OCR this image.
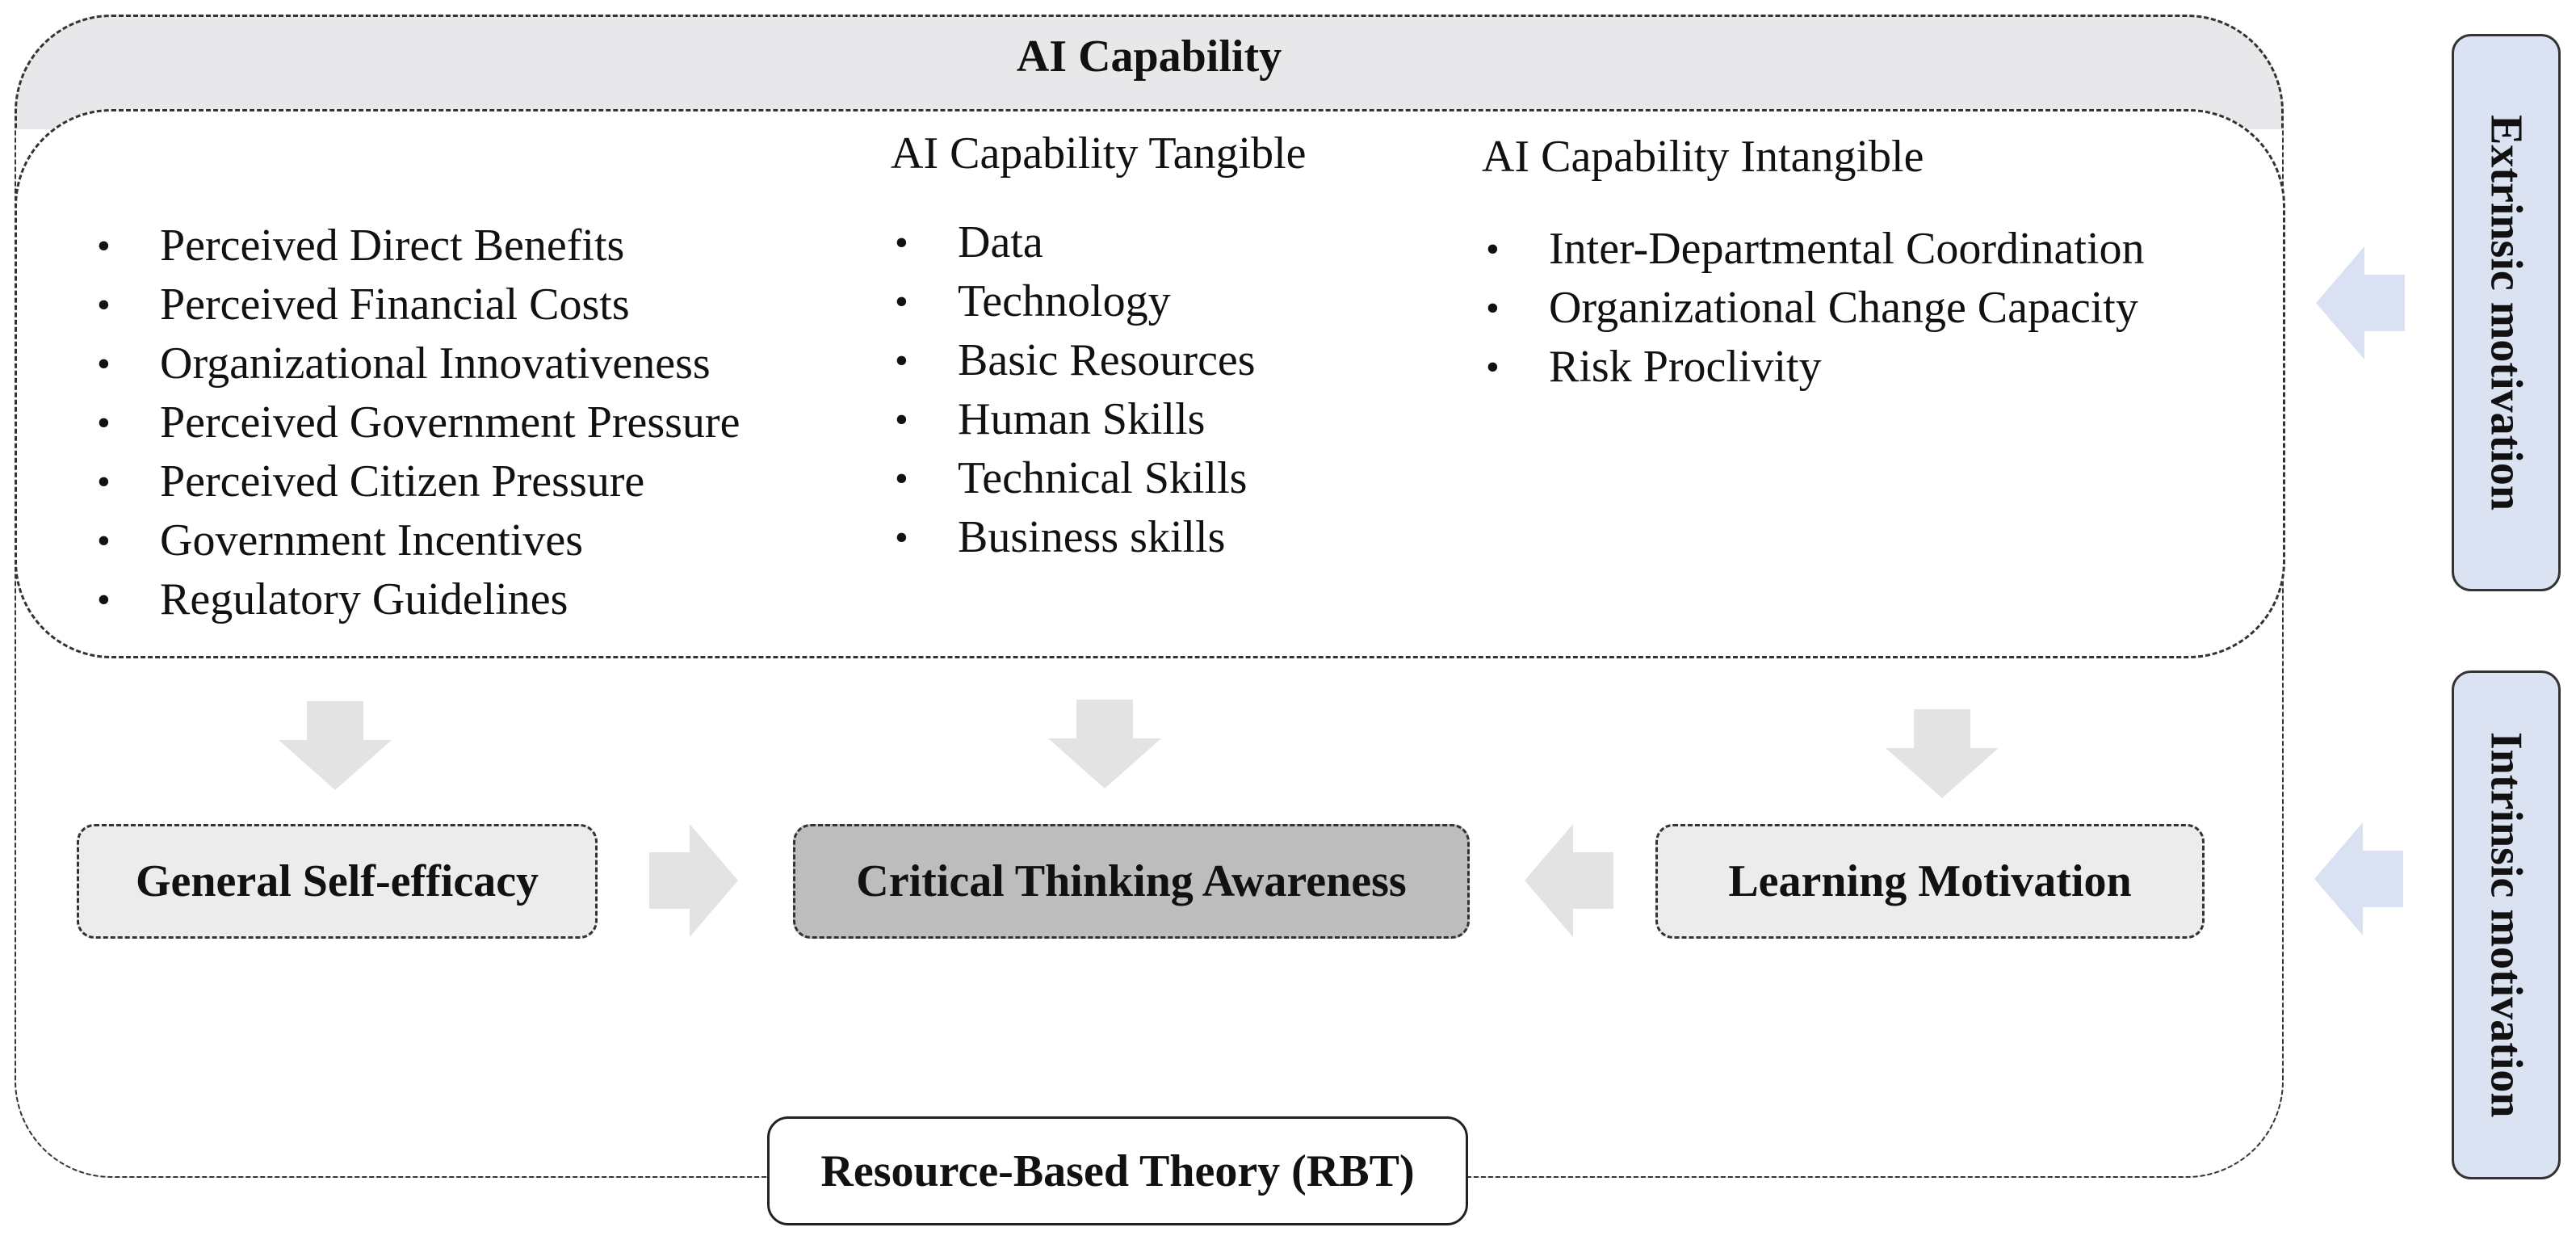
AI Capability
• Perceived Direct Benefits
• Perceived Financial Costs
• Organizational Innovativeness
• Perceived Government Pressure
• Perceived Citizen Pressure
• Government Incentives
• Regulatory Guidelines
AI Capability Tangible
• Data
• Technology
• Basic Resources
• Human Skills
• Technical Skills
• Business skills
AI Capability Intangible
• Inter-Departmental Coordination
• Organizational Change Capacity
• Risk Proclivity
General Self-efficacy	Critical Thinking Awareness	Learning Motivation
Resource-Based Theory (RBT)
Extrinsic motivation
Intrinsic motivation
